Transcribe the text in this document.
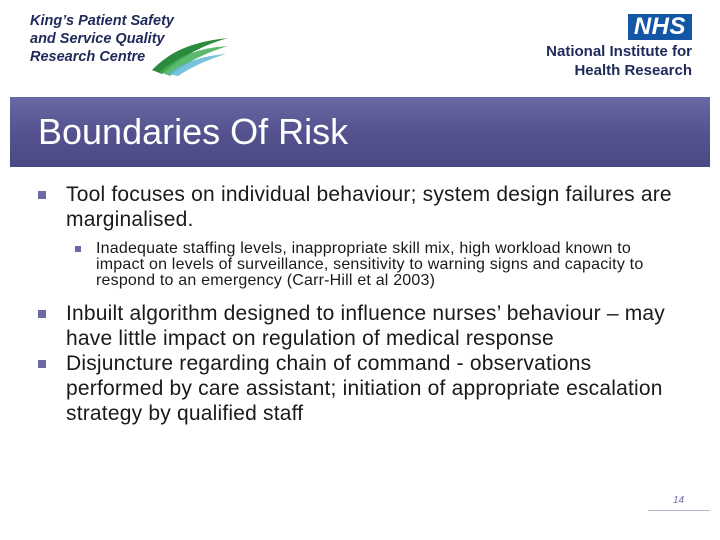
King’s Patient Safety
and Service Quality
Research Centre
NHS
National Institute for
Health Research
Boundaries Of Risk
Tool focuses on individual behaviour; system design failures are marginalised.
Inadequate staffing levels, inappropriate skill mix, high workload known to impact on levels of surveillance, sensitivity to warning signs and capacity to respond to an emergency (Carr-Hill et al 2003)
Inbuilt algorithm designed to influence nurses’ behaviour – may have little impact on regulation of medical response
Disjuncture regarding chain of command - observations performed by care assistant; initiation of appropriate escalation strategy by qualified staff
14
